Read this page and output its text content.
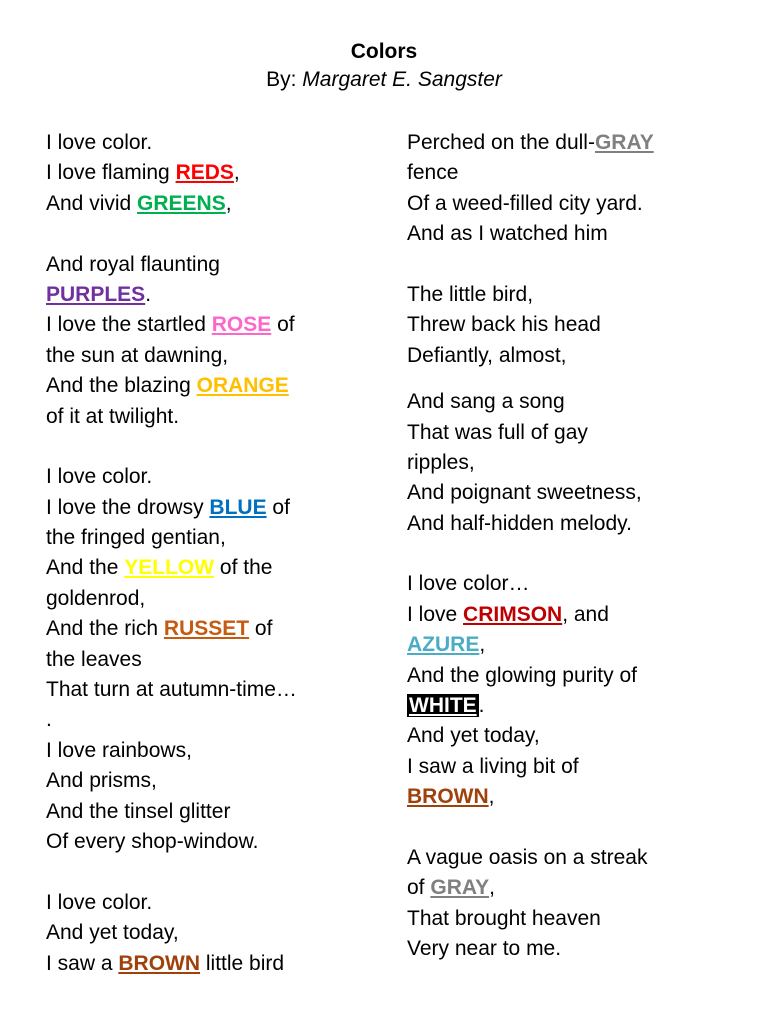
Colors
By: Margaret E. Sangster
I love color.
I love flaming REDS,
And vivid GREENS,
And royal flaunting
PURPLES.
I love the startled ROSE of
the sun at dawning,
And the blazing ORANGE
of it at twilight.
I love color.
I love the drowsy BLUE of
the fringed gentian,
And the YELLOW of the
goldenrod,
And the rich RUSSET of
the leaves
That turn at autumn-time…
.
I love rainbows,
And prisms,
And the tinsel glitter
Of every shop-window.
I love color.
And yet today,
I saw a BROWN little bird
Perched on the dull-GRAY
fence
Of a weed-filled city yard.
And as I watched him
The little bird,
Threw back his head
Defiantly, almost,
And sang a song
That was full of gay
ripples,
And poignant sweetness,
And half-hidden melody.
I love color…
I love CRIMSON, and
AZURE,
And the glowing purity of
WHITE.
And yet today,
I saw a living bit of
BROWN,
A vague oasis on a streak
of GRAY,
That brought heaven
Very near to me.
